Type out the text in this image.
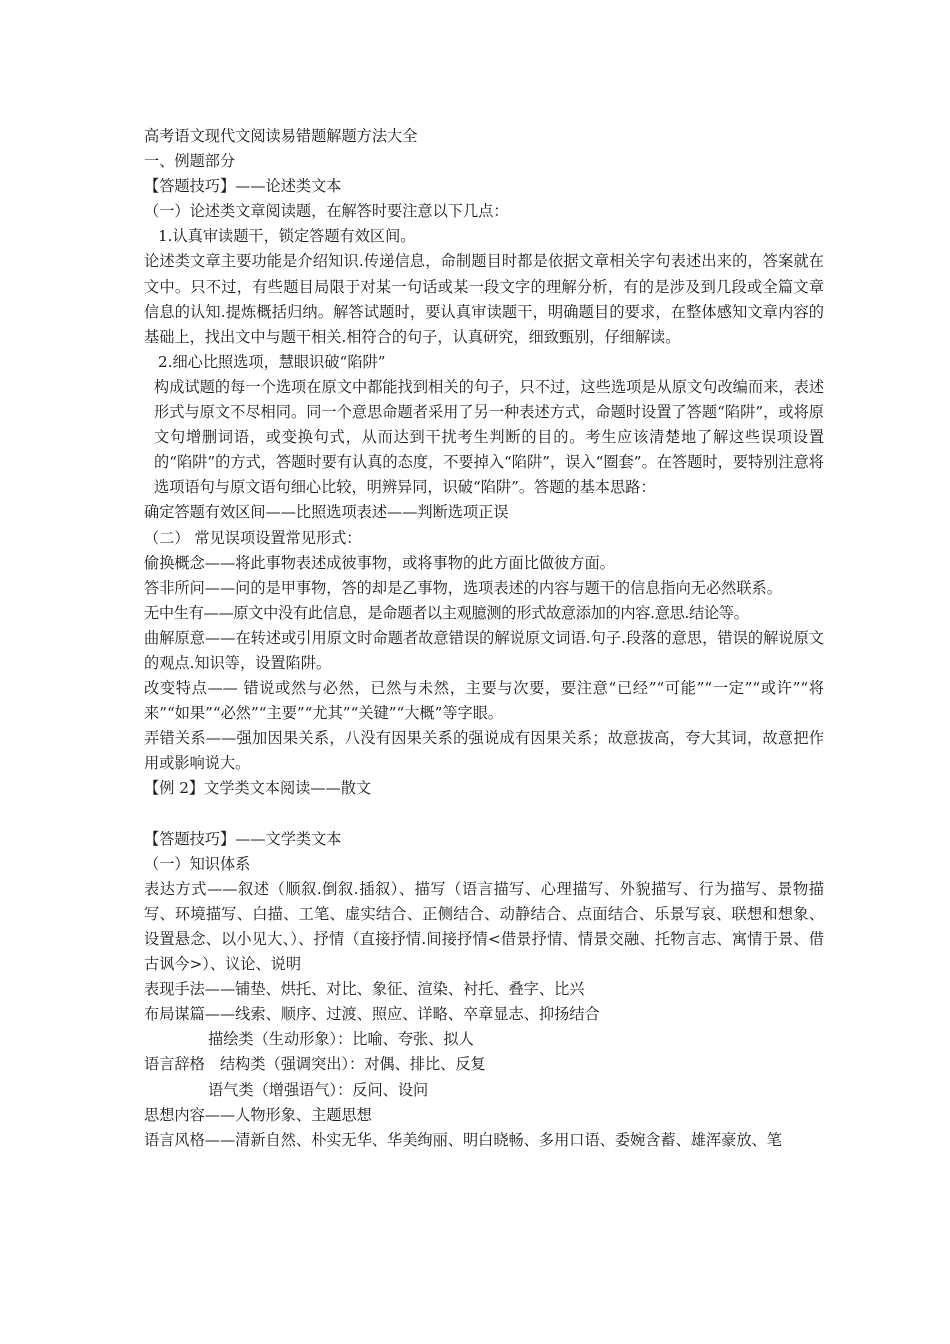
高考语文现代文阅读易错题解题方法大全
一、例题部分
【答题技巧】——论述类文本
（一）论述类文章阅读题，在解答时要注意以下几点：
1.认真审读题干，锁定答题有效区间。
论述类文章主要功能是介绍知识.传递信息，命制题目时都是依据文章相关字句表述出来的，答案就在文中。只不过，有些题目局限于对某一句话或某一段文字的理解分析，有的是涉及到几段或全篇文章信息的认知.提炼概括归纳。解答试题时，要认真审读题干，明确题目的要求，在整体感知文章内容的基础上，找出文中与题干相关.相符合的句子，认真研究，细致甄别，仔细解读。
2.细心比照选项，慧眼识破“陷阱”
构成试题的每一个选项在原文中都能找到相关的句子，只不过，这些选项是从原文句改编而来，表述形式与原文不尽相同。同一个意思命题者采用了另一种表述方式，命题时设置了答题“陷阱”，或将原文句增删词语，或变换句式，从而达到干扰考生判断的目的。考生应该清楚地了解这些误项设置的“陷阱”的方式，答题时要有认真的态度，不要掉入“陷阱”，误入“圈套”。在答题时，要特别注意将选项语句与原文语句细心比较，明辨异同，识破“陷阱”。答题的基本思路：
确定答题有效区间——比照选项表述——判断选项正误
（二） 常见误项设置常见形式：
偷换概念——将此事物表述成彼事物，或将事物的此方面比做彼方面。
答非所问——问的是甲事物，答的却是乙事物，选项表述的内容与题干的信息指向无必然联系。
无中生有——原文中没有此信息，是命题者以主观臆测的形式故意添加的内容.意思.结论等。
曲解原意——在转述或引用原文时命题者故意错误的解说原文词语.句子.段落的意思，错误的解说原文的观点.知识等，设置陷阱。
改变特点—— 错说或然与必然，已然与未然，主要与次要，要注意“已经”“可能”“一定”“或许”“将来”“如果”“必然”“主要”“尤其”“关键”“大概”等字眼。
弄错关系——强加因果关系，八没有因果关系的强说成有因果关系；故意拔高，夸大其词，故意把作用或影响说大。
【例 2】文学类文本阅读——散文
【答题技巧】——文学类文本
（一）知识体系
表达方式——叙述（顺叙.倒叙.插叙）、描写（语言描写、心理描写、外貌描写、行为描写、景物描写、环境描写、白描、工笔、虚实结合、正侧结合、动静结合、点面结合、乐景写哀、联想和想象、设置悬念、以小见大、）、抒情（直接抒情.间接抒情<借景抒情、情景交融、托物言志、寓情于景、借古讽今>）、议论、说明
表现手法——铺垫、烘托、对比、象征、渲染、衬托、叠字、比兴
布局谋篇——线索、顺序、过渡、照应、详略、卒章显志、抑扬结合
描绘类（生动形象）：比喻、夸张、拟人
语言辞格　结构类（强调突出）：对偶、排比、反复
语气类（增强语气）：反问、设问
思想内容——人物形象、主题思想
语言风格——清新自然、朴实无华、华美绚丽、明白晓畅、多用口语、委婉含蓄、雄浑豪放、笔
